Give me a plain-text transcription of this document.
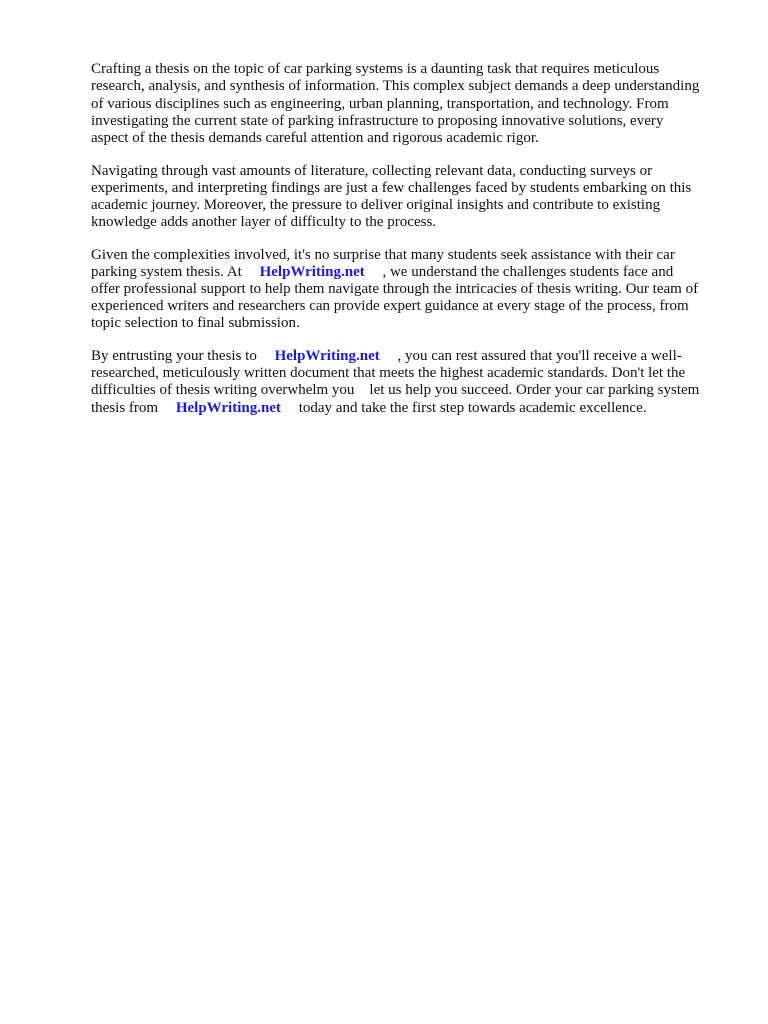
Crafting a thesis on the topic of car parking systems is a daunting task that requires meticulous
research, analysis, and synthesis of information. This complex subject demands a deep understanding
of various disciplines such as engineering, urban planning, transportation, and technology. From
investigating the current state of parking infrastructure to proposing innovative solutions, every
aspect of the thesis demands careful attention and rigorous academic rigor.
Navigating through vast amounts of literature, collecting relevant data, conducting surveys or
experiments, and interpreting findings are just a few challenges faced by students embarking on this
academic journey. Moreover, the pressure to deliver original insights and contribute to existing
knowledge adds another layer of difficulty to the process.
Given the complexities involved, it's no surprise that many students seek assistance with their car
parking system thesis. At HelpWriting.net , we understand the challenges students face and
offer professional support to help them navigate through the intricacies of thesis writing. Our team of
experienced writers and researchers can provide expert guidance at every stage of the process, from
topic selection to final submission.
By entrusting your thesis to HelpWriting.net , you can rest assured that you'll receive a well-
researched, meticulously written document that meets the highest academic standards. Don't let the
difficulties of thesis writing overwhelm you    let us help you succeed. Order your car parking system
thesis from HelpWriting.net today and take the first step towards academic excellence.
